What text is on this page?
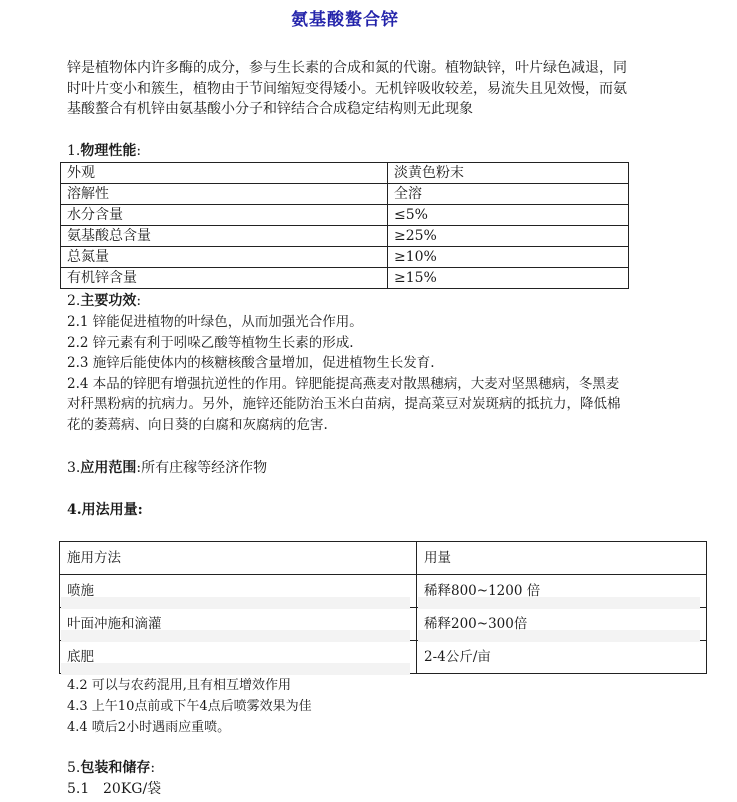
氨基酸螯合锌
锌是植物体内许多酶的成分，参与生长素的合成和氮的代谢。植物缺锌，叶片绿色减退，同时叶片变小和簇生，植物由于节间缩短变得矮小。无机锌吸收较差，易流失且见效慢，而氨基酸螯合有机锌由氨基酸小分子和锌结合合成稳定结构则无此现象
1.物理性能:
外观	淡黄色粉末
溶解性	全溶
水分含量	≤5%
氨基酸总含量	≥25%
总氮量	≥10%
有机锌含量	≥15%
2.主要功效:
2.1 锌能促进植物的叶绿色，从而加强光合作用。
2.2 锌元素有利于吲哚乙酸等植物生长素的形成.
2.3 施锌后能使体内的核糖核酸含量增加，促进植物生长发育.
2.4 本品的锌肥有增强抗逆性的作用。锌肥能提高燕麦对散黑穗病，大麦对坚黑穗病，冬黑麦对秆黑粉病的抗病力。另外，施锌还能防治玉米白苗病，提高菜豆对炭斑病的抵抗力，降低棉花的萎蔫病、向日葵的白腐和灰腐病的危害.
3.应用范围:所有庄稼等经济作物
4.用法用量:
施用方法	用量

喷施	稀释800~1200 倍

叶面冲施和滴灌	稀释200~300倍

底肥	2-4公斤/亩
4.2 可以与农药混用,且有相互增效作用
4.3 上午10点前或下午4点后喷雾效果为佳
4.4 喷后2小时遇雨应重喷。
5.包装和储存:
5.1 20KG/袋
